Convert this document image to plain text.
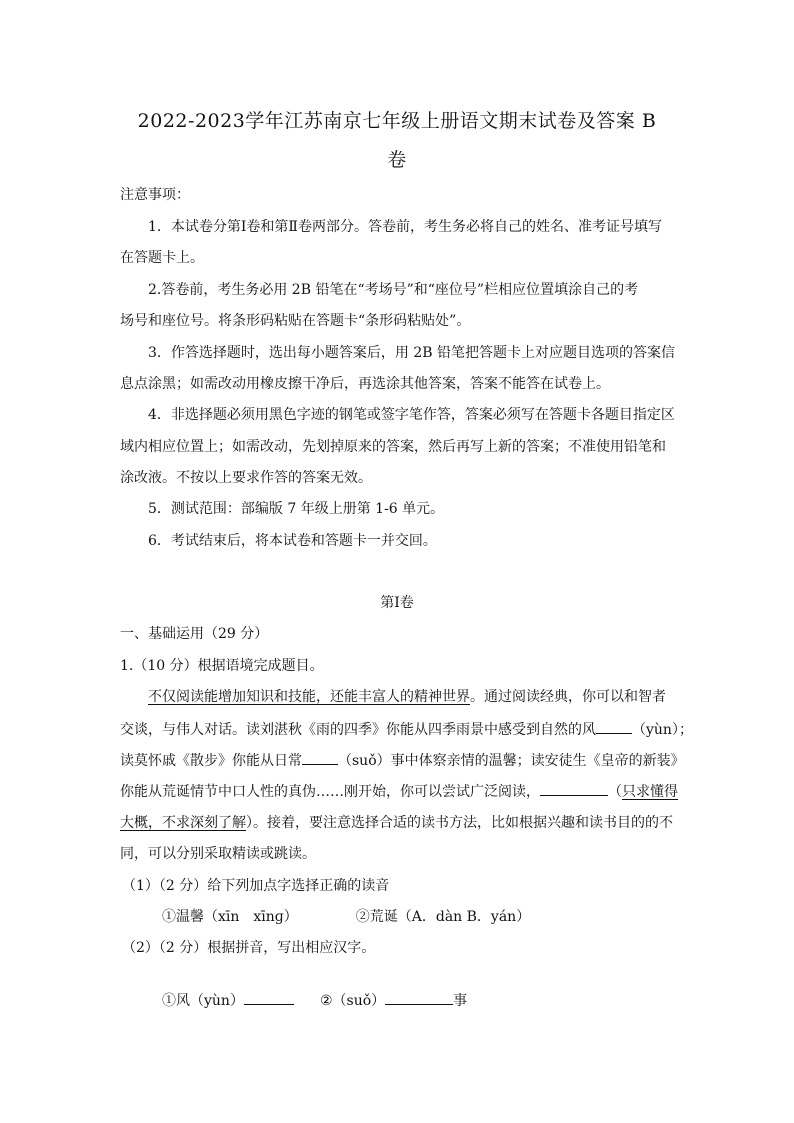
2022-2023学年江苏南京七年级上册语文期末试卷及答案 B
卷
注意事项：
1．本试卷分第Ⅰ卷和第Ⅱ卷两部分。答卷前，考生务必将自己的姓名、准考证号填写
在答题卡上。
2.答卷前，考生务必用 2B 铅笔在“考场号”和“座位号”栏相应位置填涂自己的考
场号和座位号。将条形码粘贴在答题卡“条形码粘贴处”。
3．作答选择题时，选出每小题答案后，用 2B 铅笔把答题卡上对应题目选项的答案信
息点涂黑；如需改动用橡皮擦干净后，再选涂其他答案，答案不能答在试卷上。
4．非选择题必须用黑色字迹的钢笔或签字笔作答，答案必须写在答题卡各题目指定区
域内相应位置上；如需改动，先划掉原来的答案，然后再写上新的答案；不准使用铅笔和
涂改液。不按以上要求作答的答案无效。
5．测试范围：部编版 7 年级上册第 1-6 单元。
6．考试结束后，将本试卷和答题卡一并交回。
第Ⅰ卷
一、基础运用（29 分）
1.（10 分）根据语境完成题目。
不仅阅读能增加知识和技能，还能丰富人的精神世界。通过阅读经典，你可以和智者
交谈，与伟人对话。读刘湛秋《雨的四季》你能从四季雨景中感受到自然的风	（yùn）；
读莫怀戚《散步》你能从日常	（suǒ）事中体察亲情的温馨；读安徒生《皇帝的新装》
你能从荒诞情节中口人性的真伪……刚开始，你可以尝试广泛阅读，	（只求懂得
大概，不求深刻了解）。接着，要注意选择合适的读书方法，比如根据兴趣和读书目的的不
同，可以分别采取精读或跳读。
（1）（2 分）给下列加点字选择正确的读音
①温馨（xīn　xīnɡ）	②荒诞（A．dàn B．yán）
（2）（2 分）根据拼音，写出相应汉字。
①风（yùn）	②（suǒ）	事
